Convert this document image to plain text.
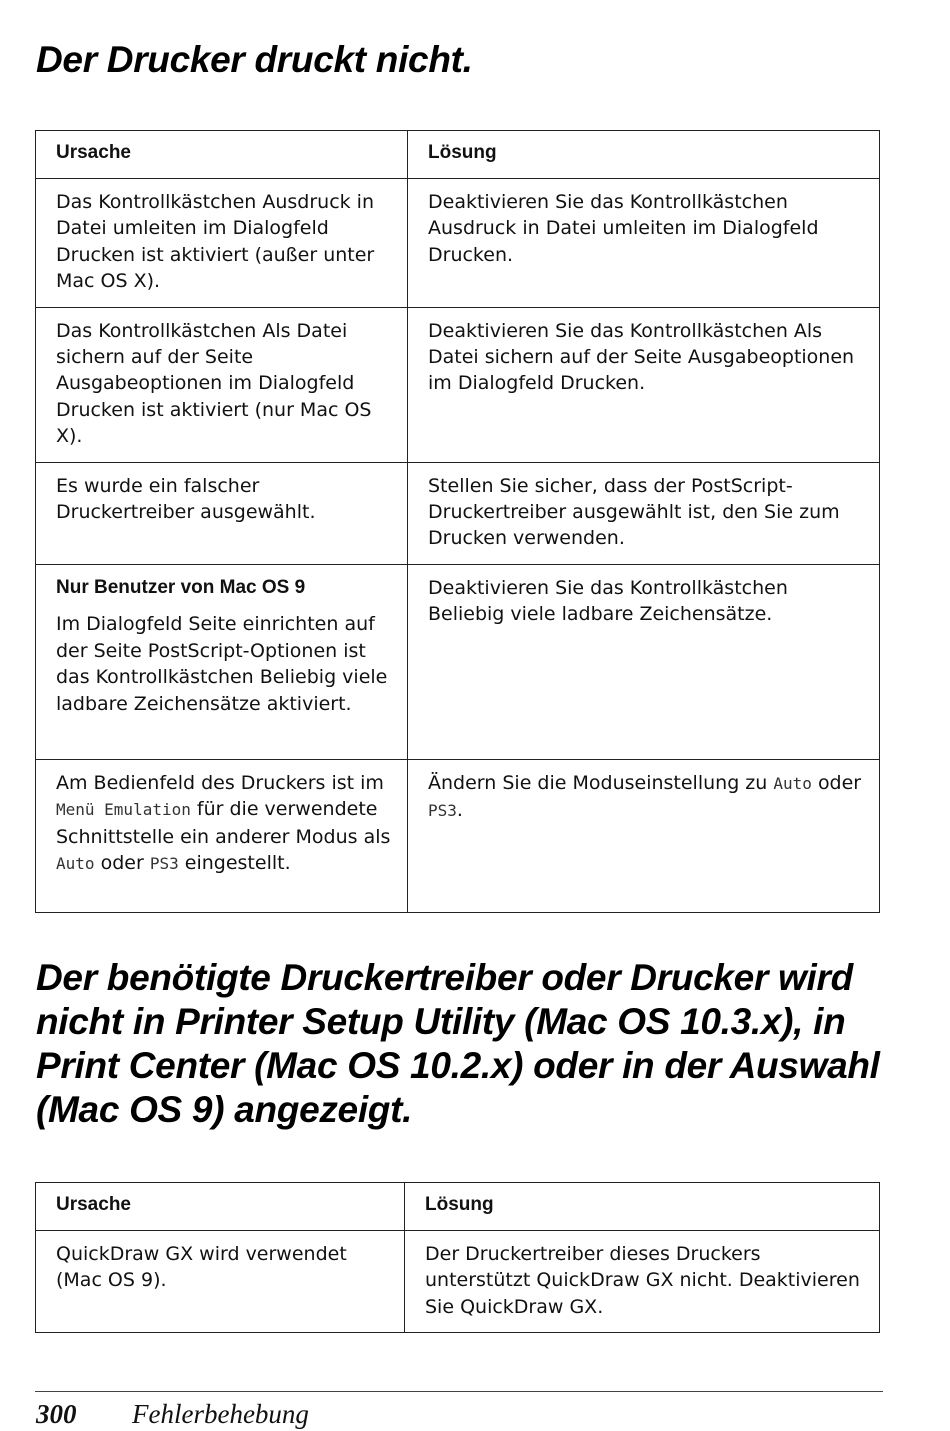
Der Drucker druckt nicht.
Ursache	Lösung
Das Kontrollkästchen Ausdruck in Datei umleiten im Dialogfeld Drucken ist aktiviert (außer unter Mac OS X).	Deaktivieren Sie das Kontrollkästchen Ausdruck in Datei umleiten im Dialogfeld Drucken.
Das Kontrollkästchen Als Datei sichern auf der Seite Ausgabeoptionen im Dialogfeld Drucken ist aktiviert (nur Mac OS X).	Deaktivieren Sie das Kontrollkästchen Als Datei sichern auf der Seite Ausgabeoptionen im Dialogfeld Drucken.
Es wurde ein falscher Druckertreiber ausgewählt.	Stellen Sie sicher, dass der PostScript-Druckertreiber ausgewählt ist, den Sie zum Drucken verwenden.

Nur Benutzer von Mac OS 9
Im Dialogfeld Seite einrichten auf der Seite PostScript-Optionen ist das Kontrollkästchen Beliebig viele ladbare Zeichensätze aktiviert.	Deaktivieren Sie das Kontrollkästchen Beliebig viele ladbare Zeichensätze.
Am Bedienfeld des Druckers ist im Menü Emulation für die verwendete Schnittstelle ein anderer Modus als Auto oder PS3 eingestellt.	Ändern Sie die Moduseinstellung zu Auto oder PS3.
Der benötigte Druckertreiber oder Drucker wird nicht in Printer Setup Utility (Mac OS 10.3.x), in Print Center (Mac OS 10.2.x) oder in der Auswahl (Mac OS 9) angezeigt.
Ursache	Lösung
QuickDraw GX wird verwendet (Mac OS 9).	Der Druckertreiber dieses Druckers unterstützt QuickDraw GX nicht. Deaktivieren Sie QuickDraw GX.
300 Fehlerbehebung
